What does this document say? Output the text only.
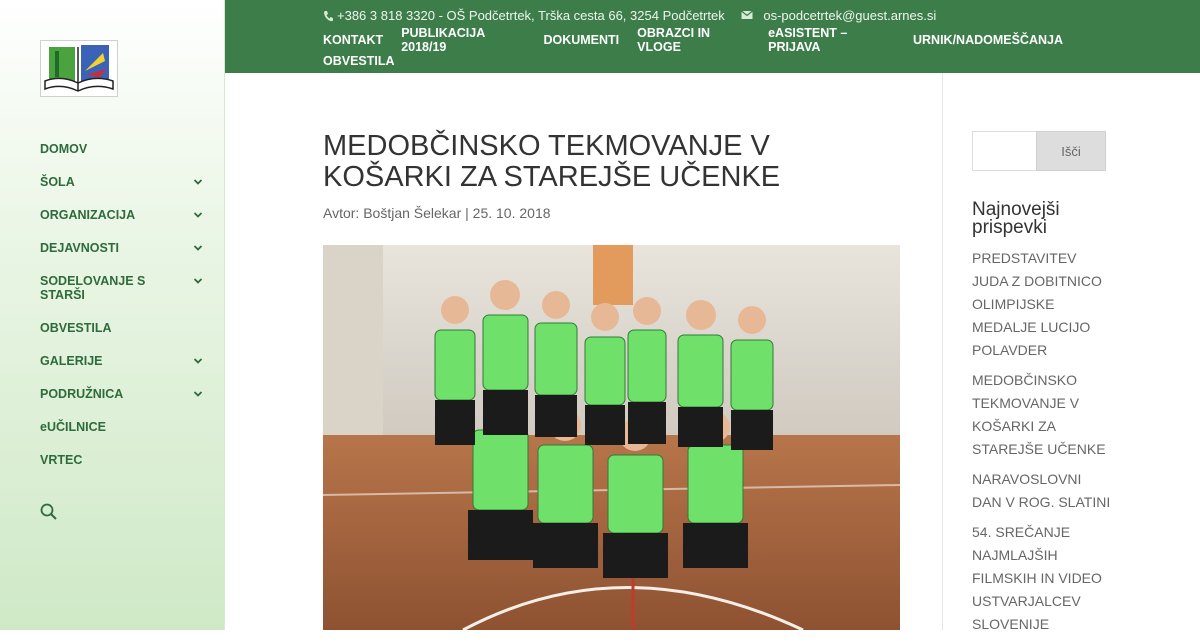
DOMOV
ŠOLA
ORGANIZACIJA
DEJAVNOSTI
SODELOVANJE S STARŠI
OBVESTILA
GALERIJE
PODRUŽNICA
eUČILNICE
VRTEC
+386 3 818 3320 - OŠ Podčetrtek, Trška cesta 66, 3254 Podčetrtek	os-podcetrtek@guest.arnes.si
KONTAKT PUBLIKACIJA 2018/19	DOKUMENTI OBRAZCI IN VLOGE
eASISTENT – PRIJAVA	URNIK/NADOMEŠČANJA
OBVESTILA
MEDOBČINSKO TEKMOVANJE V KOŠARKI ZA STAREJŠE UČENKE
Avtor: Boštjan Šelekar | 25. 10. 2018
Išči
Najnovejši prispevki
PREDSTAVITEV JUDA Z DOBITNICO OLIMPIJSKE MEDALJE LUCIJO POLAVDER
MEDOBČINSKO TEKMOVANJE V KOŠARKI ZA STAREJŠE UČENKE
NARAVOSLOVNI DAN V ROG. SLATINI
54. SREČANJE NAJMLAJŠIH FILMSKIH IN VIDEO USTVARJALCEV SLOVENIJE
